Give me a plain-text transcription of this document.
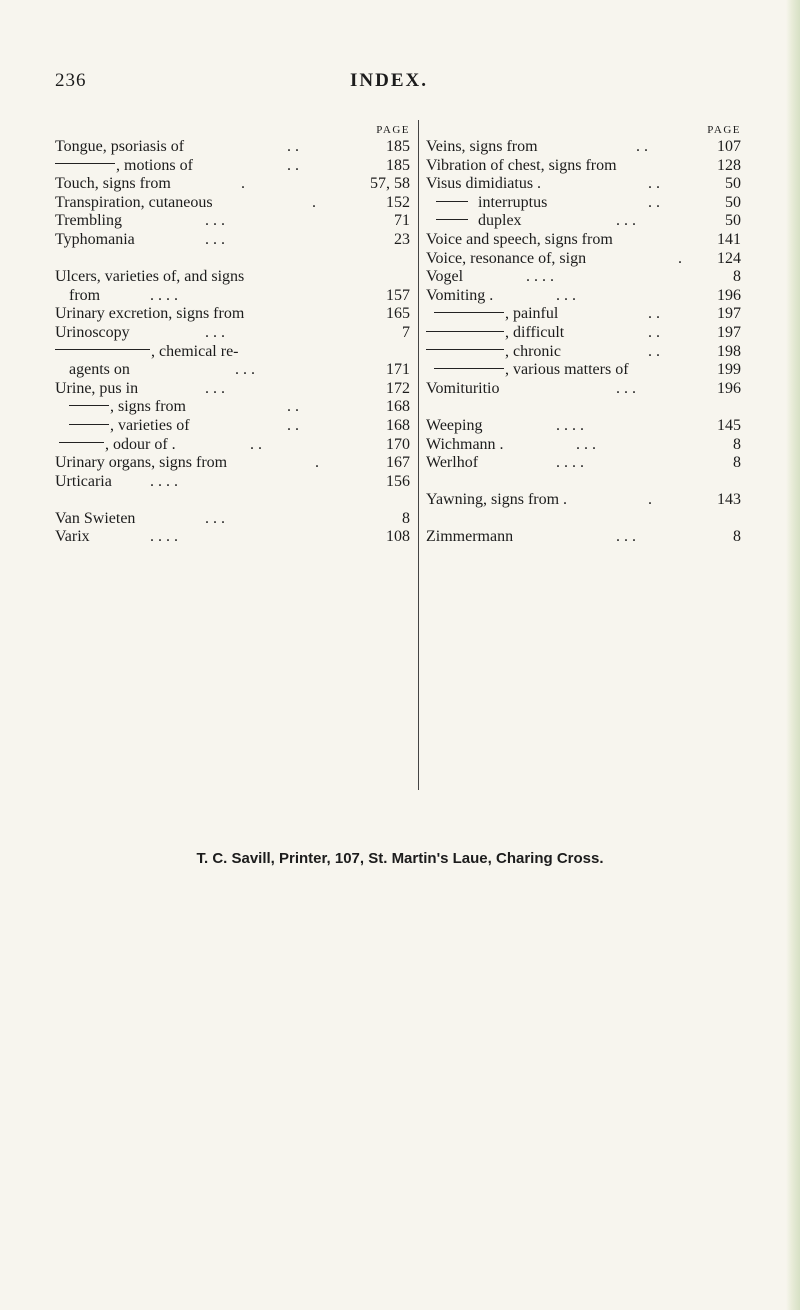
236	INDEX.
PAGE
Tongue, psoriasis of	. .	185
, motions of	. .	185
Touch, signs from	.	57, 58
Transpiration, cutaneous	.	152
Trembling	. . .	71
Typhomania	. . .	23
Ulcers, varieties of, and signs
from	. . . .	157
Urinary excretion, signs from	165
Urinoscopy	. . .	7
, chemical re-
agents on	. . .	171
Urine, pus in	. . .	172
, signs from	. .	168
, varieties of	. .	168
, odour of .	. .	170
Urinary organs, signs from	.	167
Urticaria . . . .	156
Van Swieten	. . .	8
Varix	. . . .	108
PAGE
Veins, signs from	. .	107
Vibration of chest, signs from	128
Visus dimidiatus .	. .	50
interruptus	. .	50
duplex	. . .	50
Voice and speech, signs from	141
Voice, resonance of, sign	. 124
Vogel	. . . .	8
Vomiting .	. . .	196
, painful	. .	197
, difficult	. .	197
, chronic	. .	198
, various matters of	199
Vomituritio	. . .	196
Weeping	. . . .	145
Wichmann .	. . .	8
Werlhof	. . . .	8
Yawning, signs from .	.	143
Zimmermann	. . .	8
T. C. Savill, Printer, 107, St. Martin's Laue, Charing Cross.
